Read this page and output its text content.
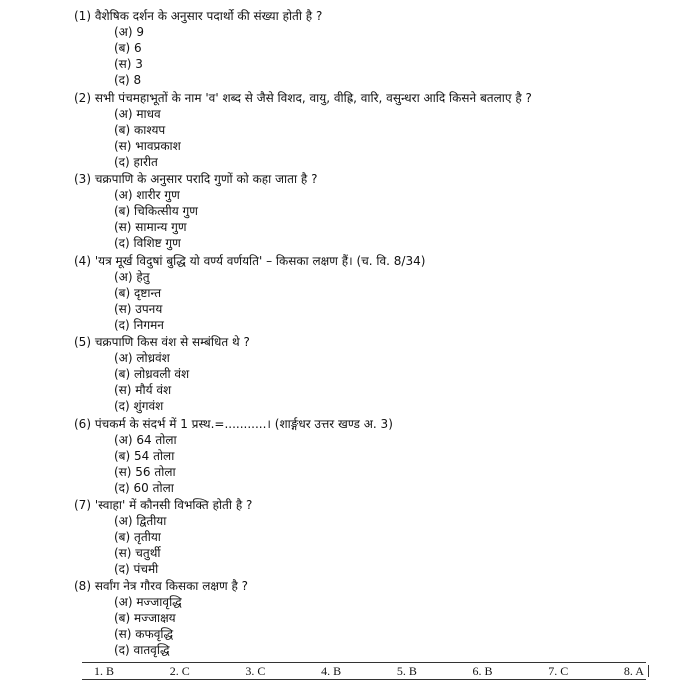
(1) वैशेषिक दर्शन के अनुसार पदार्थो की संख्या होती है ?
(अ) 9
(ब) 6
(स) 3
(द) 8
(2) सभी पंचमहाभूतों के नाम 'व' शब्द से जैसे विशद, वायु, वीह्रि, वारि, वसुन्धरा आदि किसने बतलाए है ?
(अ) माधव
(ब) काश्यप
(स) भावप्रकाश
(द) हारीत
(3) चक्रपाणि के अनुसार परादि गुणों को कहा जाता है ?
(अ) शारीर गुण
(ब) चिकित्सीय गुण
(स) सामान्य गुण
(द) विशिष्ट गुण
(4) 'यत्र मूर्ख विदुषां बुद्धि यो वर्ण्य वर्णयति' – किसका लक्षण हैं। (च. वि. 8/34)
(अ) हेतु
(ब) दृष्टान्त
(स) उपनय
(द) निगमन
(5) चक्रपाणि किस वंश से सम्बंधित थे ?
(अ) लोध्रवंश
(ब) लोध्रवली वंश
(स) मौर्य वंश
(द) शुंगवंश
(6) पंचकर्म के संदर्भ में 1 प्रस्थ.=...........। (शार्ङ्गधर उत्तर खण्ड अ. 3)
(अ) 64 तोला
(ब) 54 तोला
(स) 56 तोला
(द) 60 तोला
(7) 'स्वाहा' में कौनसी विभक्ति होती है ?
(अ) द्वितीया
(ब) तृतीया
(स) चतुर्थी
(द) पंचमी
(8) सर्वांग नेत्र गौरव किसका लक्षण है ?
(अ) मज्जावृद्धि
(ब) मज्जाक्षय
(स) कफवृद्धि
(द) वातवृद्धि
1. B	2. C	3. C	4. B	5. B	6. B	7. C	8. A
